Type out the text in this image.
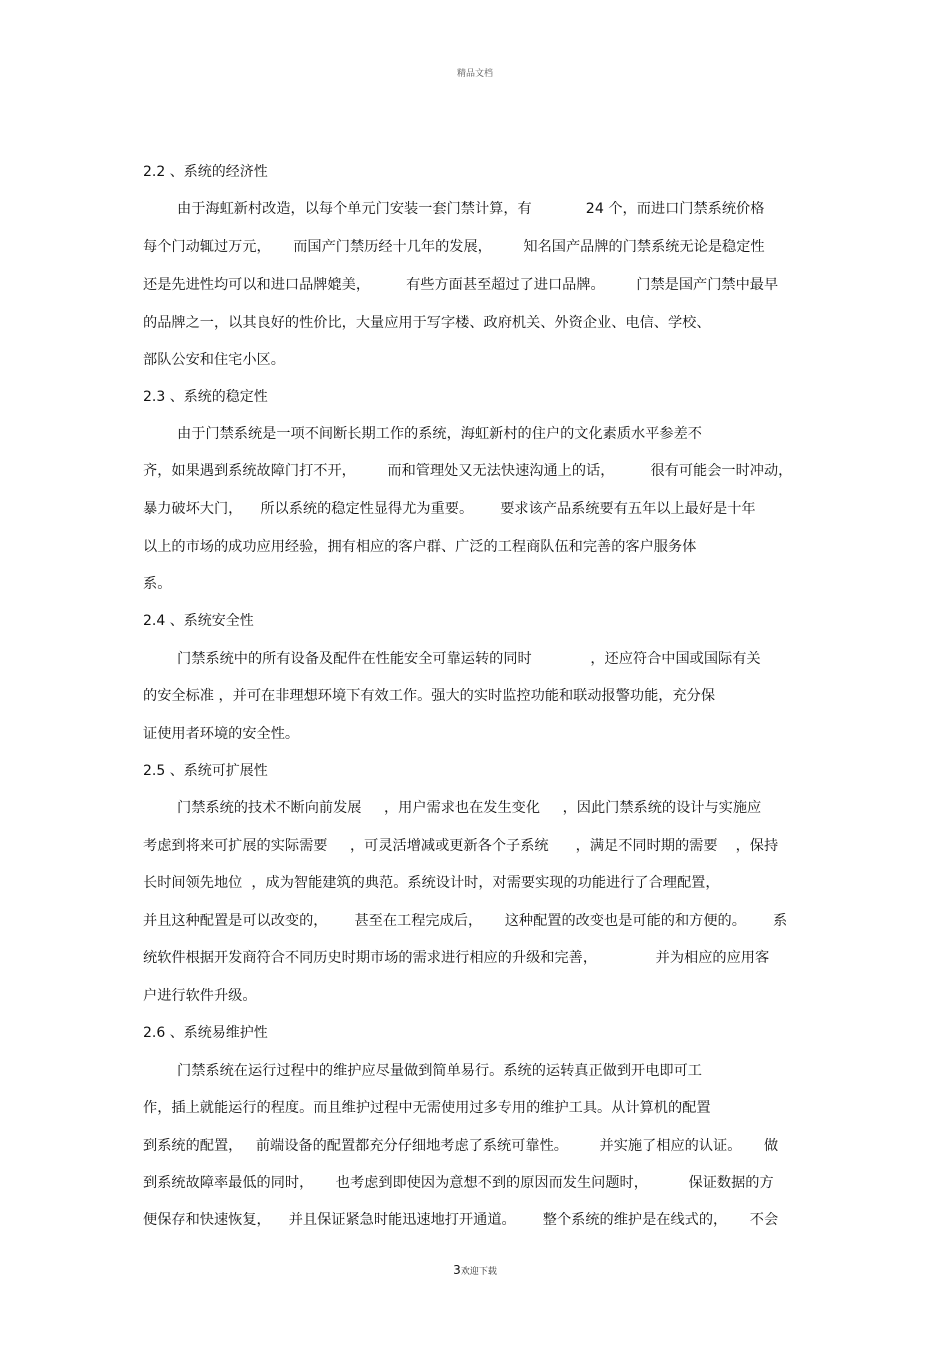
精品文档
2.2 、系统的经济性
由于海虹新村改造，以每个单元门安装一套门禁计算，有            24 个，而进口门禁系统价格
每个门动辄过万元，     而国产门禁历经十几年的发展，       知名国产品牌的门禁系统无论是稳定性
还是先进性均可以和进口品牌媲美，        有些方面甚至超过了进口品牌。       门禁是国产门禁中最早
的品牌之一，以其良好的性价比，大量应用于写字楼、政府机关、外资企业、电信、学校、
部队公安和住宅小区。
2.3 、系统的稳定性
由于门禁系统是一项不间断长期工作的系统，海虹新村的住户的文化素质水平参差不
齐，如果遇到系统故障门打不开，       而和管理处又无法快速沟通上的话，        很有可能会一时冲动，
暴力破坏大门，    所以系统的稳定性显得尤为重要。      要求该产品系统要有五年以上最好是十年
以上的市场的成功应用经验，拥有相应的客户群、广泛的工程商队伍和完善的客户服务体
系。
2.4 、系统安全性
门禁系统中的所有设备及配件在性能安全可靠运转的同时             ，还应符合中国或国际有关
的安全标准 ，并可在非理想环境下有效工作。强大的实时监控功能和联动报警功能，充分保
证使用者环境的安全性。
2.5 、系统可扩展性
门禁系统的技术不断向前发展     ，用户需求也在发生变化     ，因此门禁系统的设计与实施应
考虑到将来可扩展的实际需要     ，可灵活增减或更新各个子系统      ，满足不同时期的需要    ，保持
长时间领先地位  ，成为智能建筑的典范。系统设计时，对需要实现的功能进行了合理配置，
并且这种配置是可以改变的，      甚至在工程完成后，     这种配置的改变也是可能的和方便的。      系
统软件根据开发商符合不同历史时期市场的需求进行相应的升级和完善，             并为相应的应用客
户进行软件升级。
2.6 、系统易维护性
门禁系统在运行过程中的维护应尽量做到简单易行。系统的运转真正做到开电即可工
作，插上就能运行的程度。而且维护过程中无需使用过多专用的维护工具。从计算机的配置
到系统的配置，   前端设备的配置都充分仔细地考虑了系统可靠性。       并实施了相应的认证。     做
到系统故障率最低的同时，     也考虑到即使因为意想不到的原因而发生问题时，         保证数据的方
便保存和快速恢复，    并且保证紧急时能迅速地打开通道。      整个系统的维护是在线式的，     不会
3欢迎下载
